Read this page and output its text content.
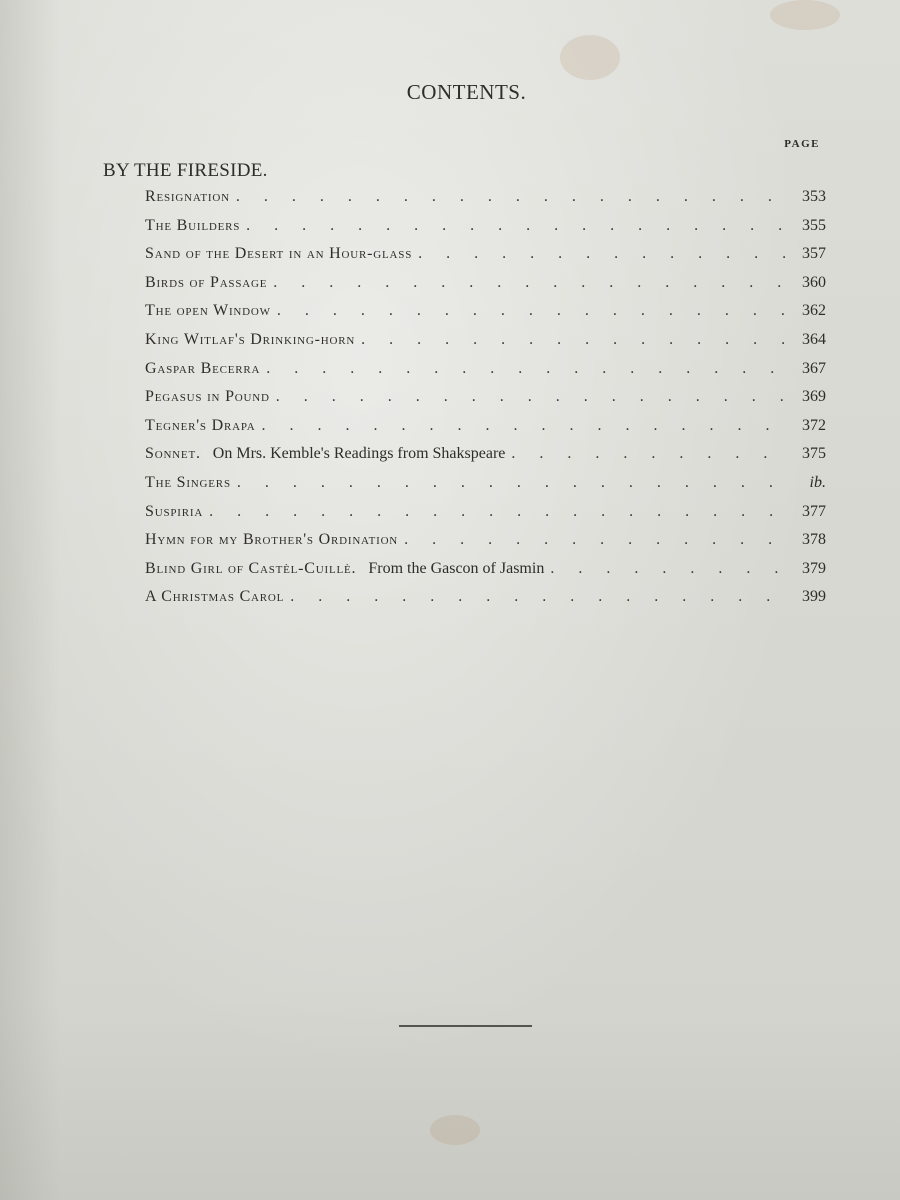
CONTENTS.
PAGE
BY THE FIRESIDE.
Resignation . . .	353
The Builders . . .	355
Sand of the Desert in an Hour-glass . . .	357
Birds of Passage . . .	360
The open Window . . .	362
King Witlaf's Drinking-horn . . .	364
Gaspar Becerra . . .	367
Pegasus in Pound . . .	369
Tegner's Drapa . . .	372
Sonnet. On Mrs. Kemble's Readings from Shakspeare . . .	375
The Singers . . .	ib.
Suspiria . . .	377
Hymn for my Brother's Ordination . . .	378
Blind Girl of Castèl-Cuillè. From the Gascon of Jasmin . . .	379
A Christmas Carol . . .	399
